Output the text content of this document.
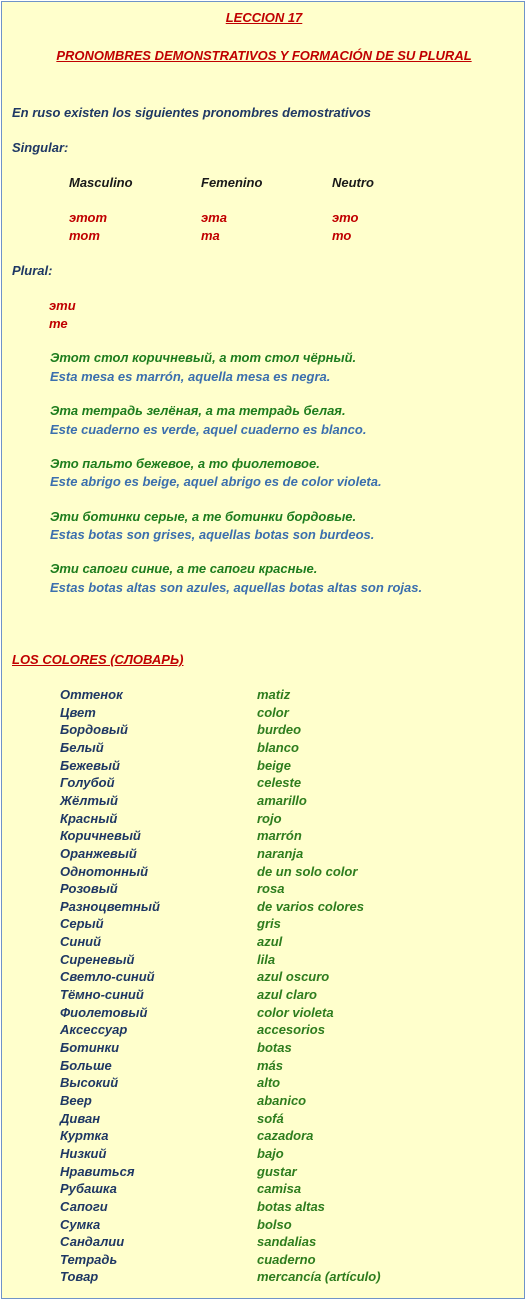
LECCION 17
PRONOMBRES DEMONSTRATIVOS Y FORMACIÓN DE SU PLURAL
En ruso existen los siguientes pronombres demostrativos
Singular:
Masculino	Femenino	Neutro
этот	эта	это
тот	та	то
Plural:
эти
те
Этот стол коричневый, а тот стол чёрный.
Esta mesa es marrón, aquella mesa es negra.
Эта тетрадь зелёная, а та тетрадь белая.
Este cuaderno es verde, aquel cuaderno es blanco.
Это пальто бежевое, а то фиолетовое.
Este abrigo es beige, aquel abrigo es de color violeta.
Эти ботинки серые, а те ботинки бордовые.
Estas botas son grises, aquellas botas son burdeos.
Эти сапоги синие, а те сапоги красные.
Estas botas altas son azules, aquellas botas altas son rojas.
LOS COLORES (СЛОВАРЬ)
Оттенок	matiz
Цвет	color
Бордовый	burdeo
Белый	blanco
Бежевый	beige
Голубой	celeste
Жёлтый	amarillo
Красный	rojo
Коричневый	marrón
Оранжевый	naranja
Однотонный	de un solo color
Розовый	rosa
Разноцветный	de varios colores
Серый	gris
Синий	azul
Сиреневый	lila
Светло-синий	azul oscuro
Тёмно-синий	azul claro
Фиолетовый	color violeta
Аксессуар	accesorios
Ботинки	botas
Больше	más
Высокий	alto
Веер	abanico
Диван	sofá
Куртка	cazadora
Низкий	bajo
Нравиться	gustar
Рубашка	camisa
Сапоги	botas altas
Сумка	bolso
Сандалии	sandalias
Тетрадь	cuaderno
Товар	mercancía (artículo)
